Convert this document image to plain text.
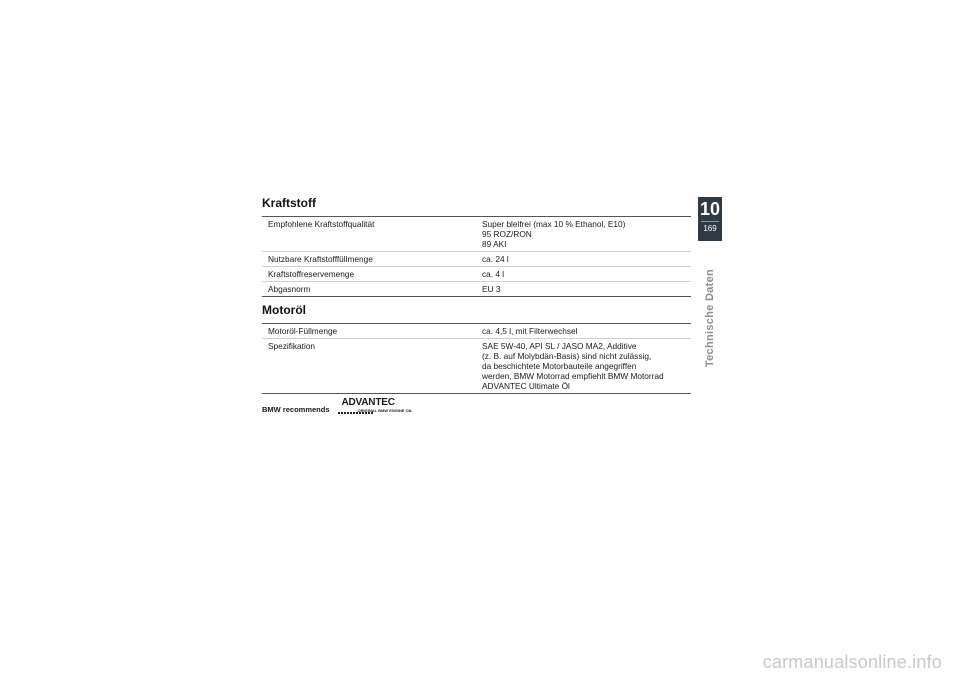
Kraftstoff
Empfohlene Kraftstoffqualität	Super bleifrei (max 10 % Ethanol, E10)
95 ROZ/RON
89 AKI

Nutzbare Kraftstofffüllmenge	ca. 24 l
Kraftstoffreservemenge	ca. 4 l
Abgasnorm	EU 3
Motoröl
Motoröl-Füllmenge	ca. 4,5 l, mit Filterwechsel
Spezifikation	SAE 5W-40, API SL / JASO MA2, Additive
(z. B. auf Molybdän-Basis) sind nicht zulässig,
da beschichtete Motorbauteile angegriffen
werden, BMW Motorrad empfiehlt BMW Motorrad
ADVANTEC Ultimate Öl
BMW recommends
ADVANTEC
ORIGINAL BMW ENGINE OIL
10
169
Technische Daten
carmanualsonline.info
